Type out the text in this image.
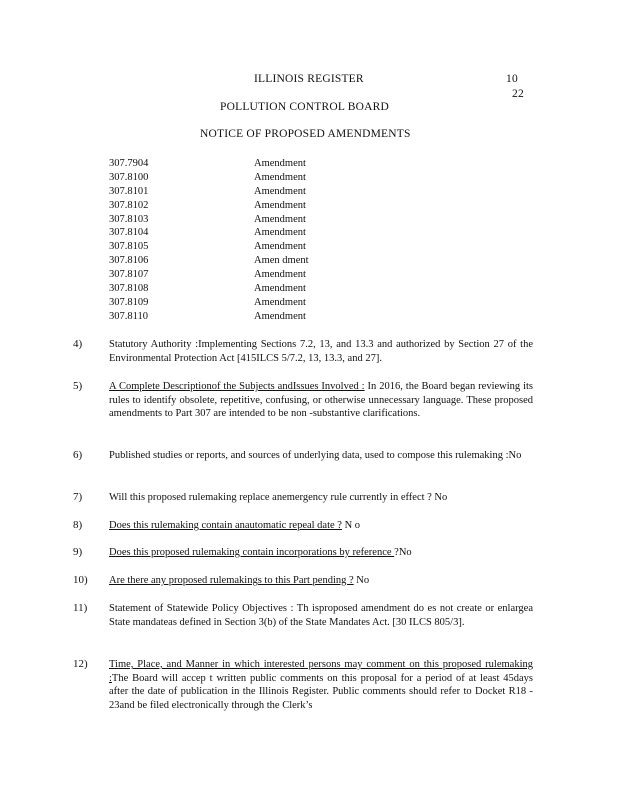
ILLINOIS REGISTER	10
22
POLLUTION CONTROL BOARD
NOTICE OF PROPOSED AMENDMENTS
307.7904	Amendment
307.8100	Amendment
307.8101	Amendment
307.8102	Amendment
307.8103	Amendment
307.8104	Amendment
307.8105	Amendment
307.8106	Amen dment
307.8107	Amendment
307.8108	Amendment
307.8109	Amendment
307.8110	Amendment
4)	Statutory Authority :Implementing Sections 7.2, 13, and 13.3 and authorized by Section 27 of the Environmental Protection Act [415ILCS 5/7.2, 13, 13.3, and 27].
5)	A Complete Descriptionof the Subjects andIssues Involved : In 2016, the Board began reviewing its rules to identify obsolete, repetitive, confusing, or otherwise unnecessary language. These proposed amendments to Part 307 are intended to be non -substantive clarifications.
6)	Published studies or reports, and sources of underlying data, used to compose this rulemaking :No
7)	Will this proposed rulemaking replace anemergency rule currently in effect ? No
8)	Does this rulemaking contain anautomatic repeal date ? N o
9)	Does this proposed rulemaking contain incorporations by reference ?No
10) Are there any proposed rulemakings to this Part pending ? No
11) Statement of Statewide Policy Objectives : Th isproposed amendment do es not create or enlargea State mandateas defined in Section 3(b) of the State Mandates Act. [30 ILCS 805/3].
12) Time, Place, and Manner in which interested persons may comment on this proposed rulemaking :The Board will accep t written public comments on this proposal for a period of at least 45days after the date of publication in the Illinois Register. Public comments should refer to Docket R18 - 23and be filed electronically through the Clerk’s
